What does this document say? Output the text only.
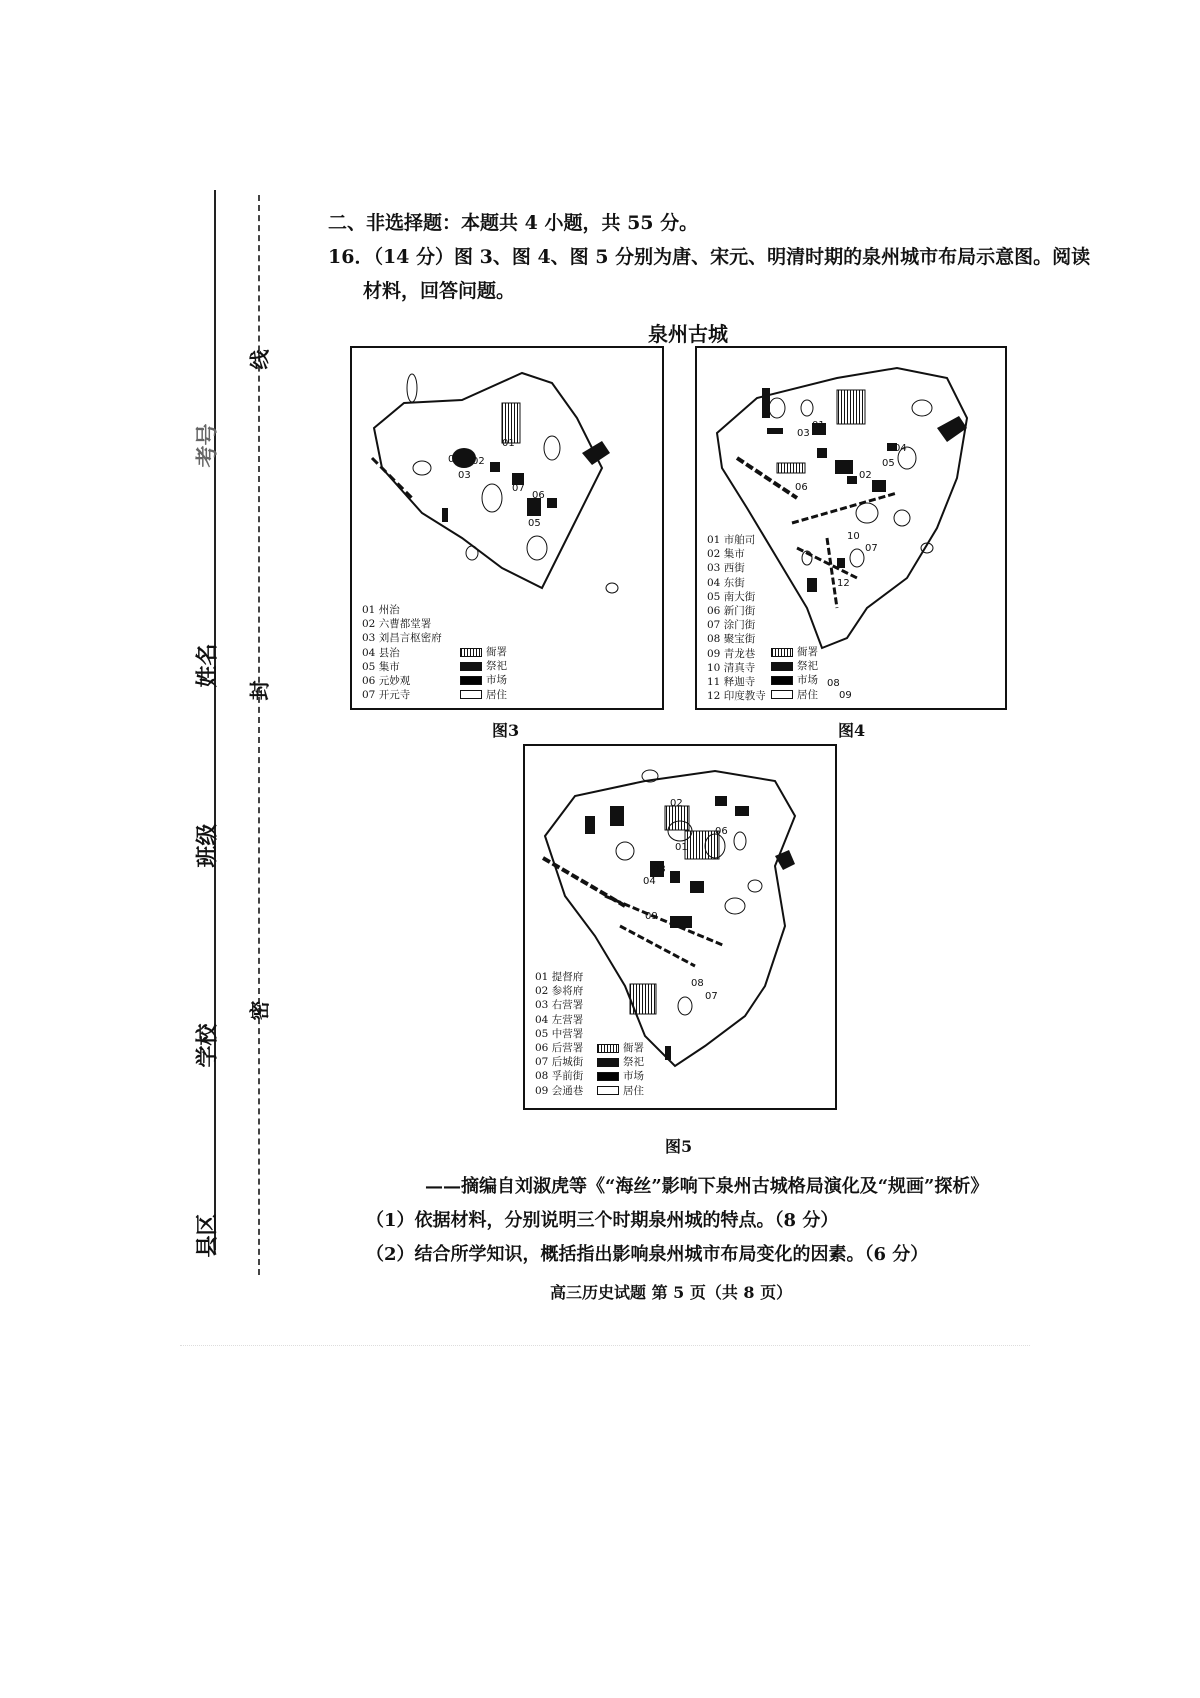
线
封
密
考号
姓名
班级
学校
县区
二、非选择题：本题共 4 小题，共 55 分。
16．（14 分）图 3、图 4、图 5 分别为唐、宋元、明清时期的泉州城市布局示意图。阅读
材料，回答问题。
泉州古城
01
02
03
04
05
06
07
01 州治
02 六曹都堂署
03 刘昌言枢密府
04 县治
05 集市
06 元妙观
07 开元寺
衙署
祭祀
市场
居住
图3
01
02
03
04
05
06
07
10
12
08
09
01 市舶司
02 集市
03 西街
04 东街
05 南大街
06 新门街
07 涂门街
08 聚宝街
09 青龙巷
10 清真寺
11 释迦寺
12 印度教寺
衙署
祭祀
市场
居住
图4
01
02
03
04
05
06
07
08
09
01 提督府
02 参将府
03 右营署
04 左营署
05 中营署
06 后营署
07 后城街
08 孚前街
09 会通巷
衙署
祭祀
市场
居住
图5
——摘编自刘淑虎等《“海丝”影响下泉州古城格局演化及“规画”探析》
（1）依据材料，分别说明三个时期泉州城的特点。（8 分）
（2）结合所学知识，概括指出影响泉州城市布局变化的因素。（6 分）
高三历史试题 第 5 页（共 8 页）
